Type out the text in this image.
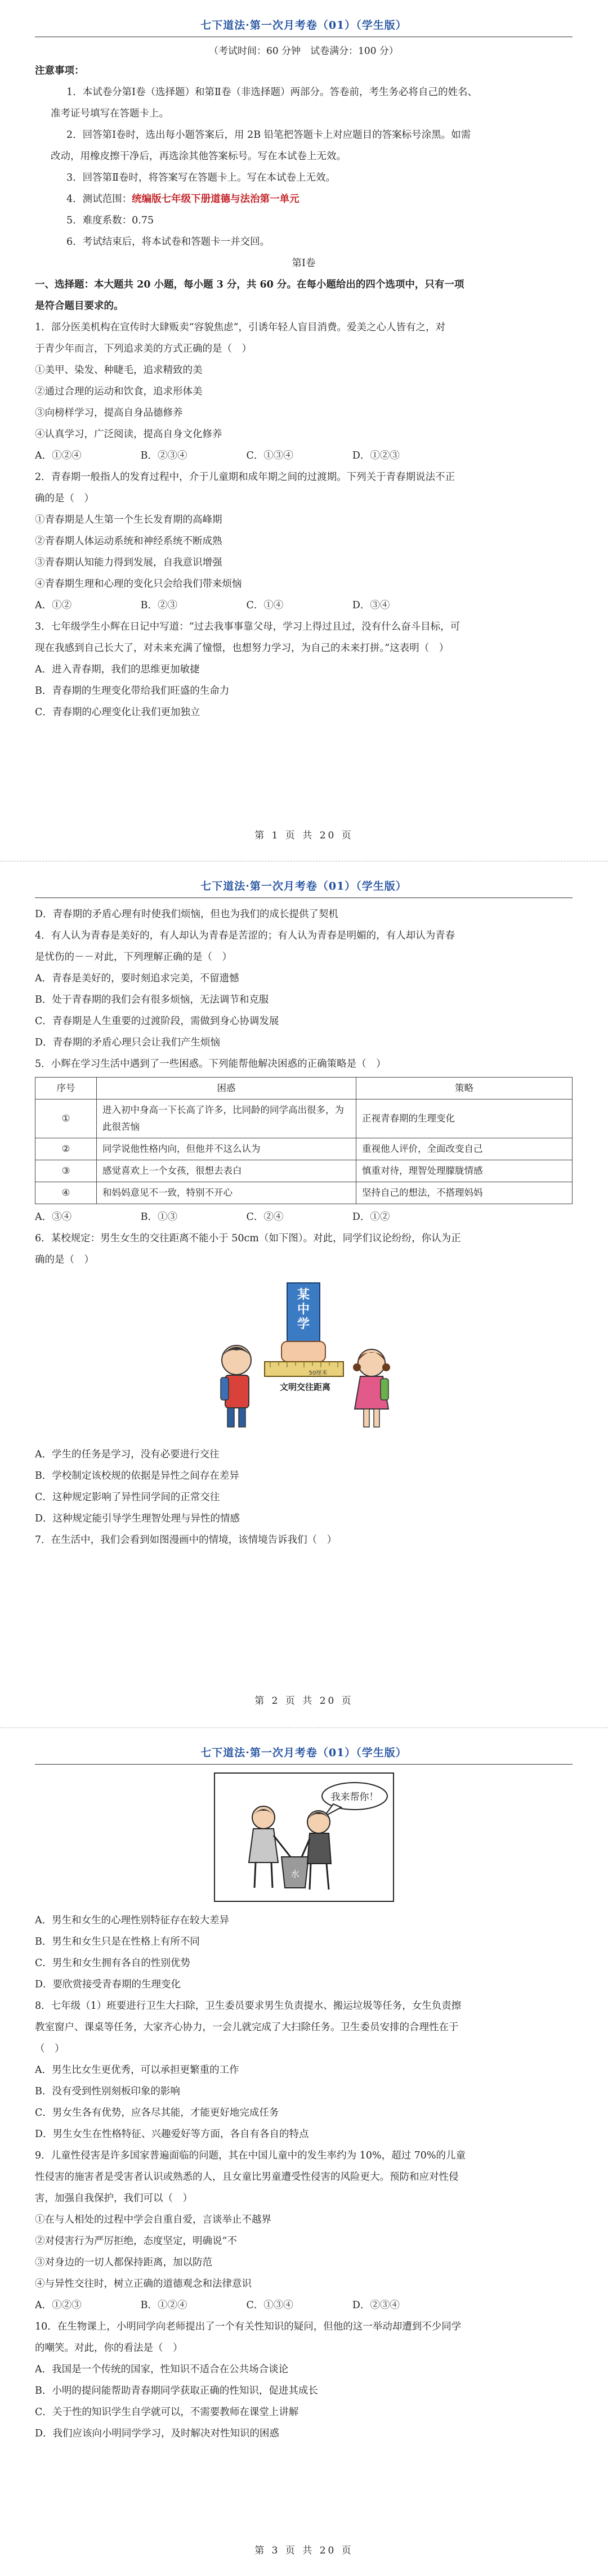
七下道法·第一次月考卷（01）（学生版）
（考试时间：60 分钟　试卷满分：100 分）
注意事项：
1．本试卷分第Ⅰ卷（选择题）和第Ⅱ卷（非选择题）两部分。答卷前，考生务必将自己的姓名、
准考证号填写在答题卡上。
2．回答第Ⅰ卷时，选出每小题答案后，用 2B 铅笔把答题卡上对应题目的答案标号涂黑。如需
改动，用橡皮擦干净后，再选涂其他答案标号。写在本试卷上无效。
3．回答第Ⅱ卷时，将答案写在答题卡上。写在本试卷上无效。
4．测试范围：统编版七年级下册道德与法治第一单元
5．难度系数：0.75
6．考试结束后，将本试卷和答题卡一并交回。
第Ⅰ卷
一、选择题：本大题共 20 小题，每小题 3 分，共 60 分。在每小题给出的四个选项中，只有一项
是符合题目要求的。
1．部分医美机构在宣传时大肆贩卖“容貌焦虑”，引诱年轻人盲目消费。爱美之心人皆有之，对
于青少年而言，下列追求美的方式正确的是（　）
①美甲、染发、种睫毛，追求精致的美
②通过合理的运动和饮食，追求形体美
③向榜样学习，提高自身品德修养
④认真学习，广泛阅读，提高自身文化修养
A．①②④　　　　　　B．②③④　　　　　　C．①③④　　　　　　D．①②③
2．青春期一般指人的发育过程中，介于儿童期和成年期之间的过渡期。下列关于青春期说法不正
确的是（　）
①青春期是人生第一个生长发育期的高峰期
②青春期人体运动系统和神经系统不断成熟
③青春期认知能力得到发展，自我意识增强
④青春期生理和心理的变化只会给我们带来烦恼
A．①②　　　　　　　B．②③　　　　　　　C．①④　　　　　　　D．③④
3．七年级学生小辉在日记中写道：“过去我事事靠父母，学习上得过且过，没有什么奋斗目标，可
现在我感到自己长大了，对未来充满了憧憬，也想努力学习，为自己的未来打拼。”这表明（　）
A．进入青春期，我们的思维更加敏捷
B．青春期的生理变化带给我们旺盛的生命力
C．青春期的心理变化让我们更加独立
第 1 页 共 20 页
七下道法·第一次月考卷（01）（学生版）
D．青春期的矛盾心理有时使我们烦恼，但也为我们的成长提供了契机
4．有人认为青春是美好的，有人却认为青春是苦涩的；有人认为青春是明媚的，有人却认为青春
是忧伤的－－对此，下列理解正确的是（　）
A．青春是美好的，要时刻追求完美，不留遗憾
B．处于青春期的我们会有很多烦恼，无法调节和克服
C．青春期是人生重要的过渡阶段，需做到身心协调发展
D．青春期的矛盾心理只会让我们产生烦恼
5．小辉在学习生活中遇到了一些困惑。下列能帮他解决困惑的正确策略是（　）
序号	困惑	策略
①	进入初中身高一下长高了许多，比同龄的同学高出很多，为此很苦恼	正视青春期的生理变化
②	同学说他性格内向，但他并不这么认为	重视他人评价，全面改变自己
③	感觉喜欢上一个女孩，很想去表白	慎重对待，理智处理朦胧情感
④	和妈妈意见不一致，特别不开心	坚持自己的想法，不搭理妈妈
A．③④　　　　　　　B．①③　　　　　　　C．②④　　　　　　　D．①②
6．某校规定：男生女生的交往距离不能小于 50cm（如下图）。对此，同学们议论纷纷，你认为正
确的是（　）
某
中
学
50厘米
文明交往距离
A．学生的任务是学习，没有必要进行交往
B．学校制定该校规的依据是异性之间存在差异
C．这种规定影响了异性同学间的正常交往
D．这种规定能引导学生理智处理与异性的情感
7．在生活中，我们会看到如图漫画中的情境，该情境告诉我们（　）
第 2 页 共 20 页
七下道法·第一次月考卷（01）（学生版）
我来帮你！
水
A．男生和女生的心理性别特征存在较大差异
B．男生和女生只是在性格上有所不同
C．男生和女生拥有各自的性别优势
D．要欣赏接受青春期的生理变化
8．七年级（1）班要进行卫生大扫除，卫生委员要求男生负责提水、搬运垃圾等任务，女生负责擦
教室窗户、课桌等任务，大家齐心协力，一会儿就完成了大扫除任务。卫生委员安排的合理性在于
（　）
A．男生比女生更优秀，可以承担更繁重的工作
B．没有受到性别刻板印象的影响
C．男女生各有优势，应各尽其能，才能更好地完成任务
D．男生女生在性格特征、兴趣爱好等方面，各自有各自的特点
9．儿童性侵害是许多国家普遍面临的问题，其在中国儿童中的发生率约为 10%，超过 70%的儿童
性侵害的施害者是受害者认识或熟悉的人，且女童比男童遭受性侵害的风险更大。预防和应对性侵
害，加强自我保护，我们可以（　）
①在与人相处的过程中学会自重自爱，言谈举止不越界
②对侵害行为严厉拒绝，态度坚定，明确说“不
③对身边的一切人都保持距离，加以防范
④与异性交往时，树立正确的道德观念和法律意识
A．①②③　　　　　　B．①②④　　　　　　C．①③④　　　　　　D．②③④
10．在生物课上，小明同学向老师提出了一个有关性知识的疑问，但他的这一举动却遭到不少同学
的嘲笑。对此，你的看法是（　）
A．我国是一个传统的国家，性知识不适合在公共场合谈论
B．小明的提问能帮助青春期同学获取正确的性知识，促进其成长
C．关于性的知识学生自学就可以，不需要教师在课堂上讲解
D．我们应该向小明同学学习，及时解决对性知识的困惑
第 3 页 共 20 页
